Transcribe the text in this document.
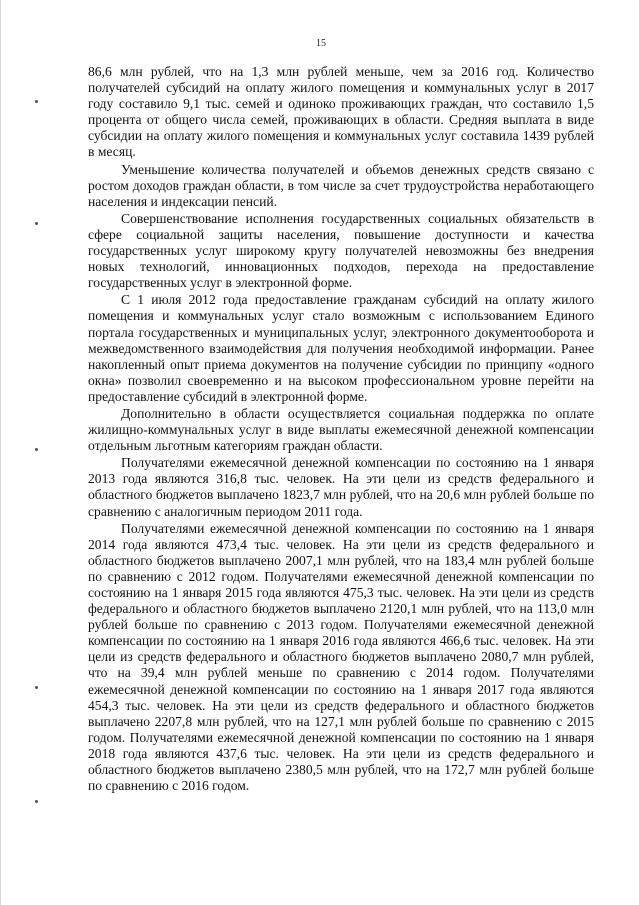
15

86,6 млн рублей, что на 1,3 млн рублей меньше, чем за 2016 год. Количество получателей субсидий на оплату жилого помещения и коммунальных услуг в 2017 году составило 9,1 тыс. семей и одиноко проживающих граждан, что составило 1,5 процента от общего числа семей, проживающих в области. Средняя выплата в виде субсидии на оплату жилого помещения и коммунальных услуг составила 1439 рублей в месяц.

Уменьшение количества получателей и объемов денежных средств связано с ростом доходов граждан области, в том числе за счет трудоустройства неработающего населения и индексации пенсий.

Совершенствование исполнения государственных социальных обязательств в сфере социальной защиты населения, повышение доступности и качества государственных услуг широкому кругу получателей невозможны без внедрения новых технологий, инновационных подходов, перехода на предоставление государственных услуг в электронной форме.

С 1 июля 2012 года предоставление гражданам субсидий на оплату жилого помещения и коммунальных услуг стало возможным с использованием Единого портала государственных и муниципальных услуг, электронного документооборота и межведомственного взаимодействия для получения необходимой информации. Ранее накопленный опыт приема документов на получение субсидии по принципу «одного окна» позволил своевременно и на высоком профессиональном уровне перейти на предоставление субсидий в электронной форме.

Дополнительно в области осуществляется социальная поддержка по оплате жилищно-коммунальных услуг в виде выплаты ежемесячной денежной компенсации отдельным льготным категориям граждан области.

Получателями ежемесячной денежной компенсации по состоянию на 1 января 2013 года являются 316,8 тыс. человек. На эти цели из средств федерального и областного бюджетов выплачено 1823,7 млн рублей, что на 20,6 млн рублей больше по сравнению с аналогичным периодом 2011 года.

Получателями ежемесячной денежной компенсации по состоянию на 1 января 2014 года являются 473,4 тыс. человек. На эти цели из средств федерального и областного бюджетов выплачено 2007,1 млн рублей, что на 183,4 млн рублей больше по сравнению с 2012 годом. Получателями ежемесячной денежной компенсации по состоянию на 1 января 2015 года являются 475,3 тыс. человек. На эти цели из средств федерального и областного бюджетов выплачено 2120,1 млн рублей, что на 113,0 млн рублей больше по сравнению с 2013 годом. Получателями ежемесячной денежной компенсации по состоянию на 1 января 2016 года являются 466,6 тыс. человек. На эти цели из средств федерального и областного бюджетов выплачено 2080,7 млн рублей, что на 39,4 млн рублей меньше по сравнению с 2014 годом. Получателями ежемесячной денежной компенсации по состоянию на 1 января 2017 года являются 454,3 тыс. человек. На эти цели из средств федерального и областного бюджетов выплачено 2207,8 млн рублей, что на 127,1 млн рублей больше по сравнению с 2015 годом. Получателями ежемесячной денежной компенсации по состоянию на 1 января 2018 года являются 437,6 тыс. человек. На эти цели из средств федерального и областного бюджетов выплачено 2380,5 млн рублей, что на 172,7 млн рублей больше по сравнению с 2016 годом.
